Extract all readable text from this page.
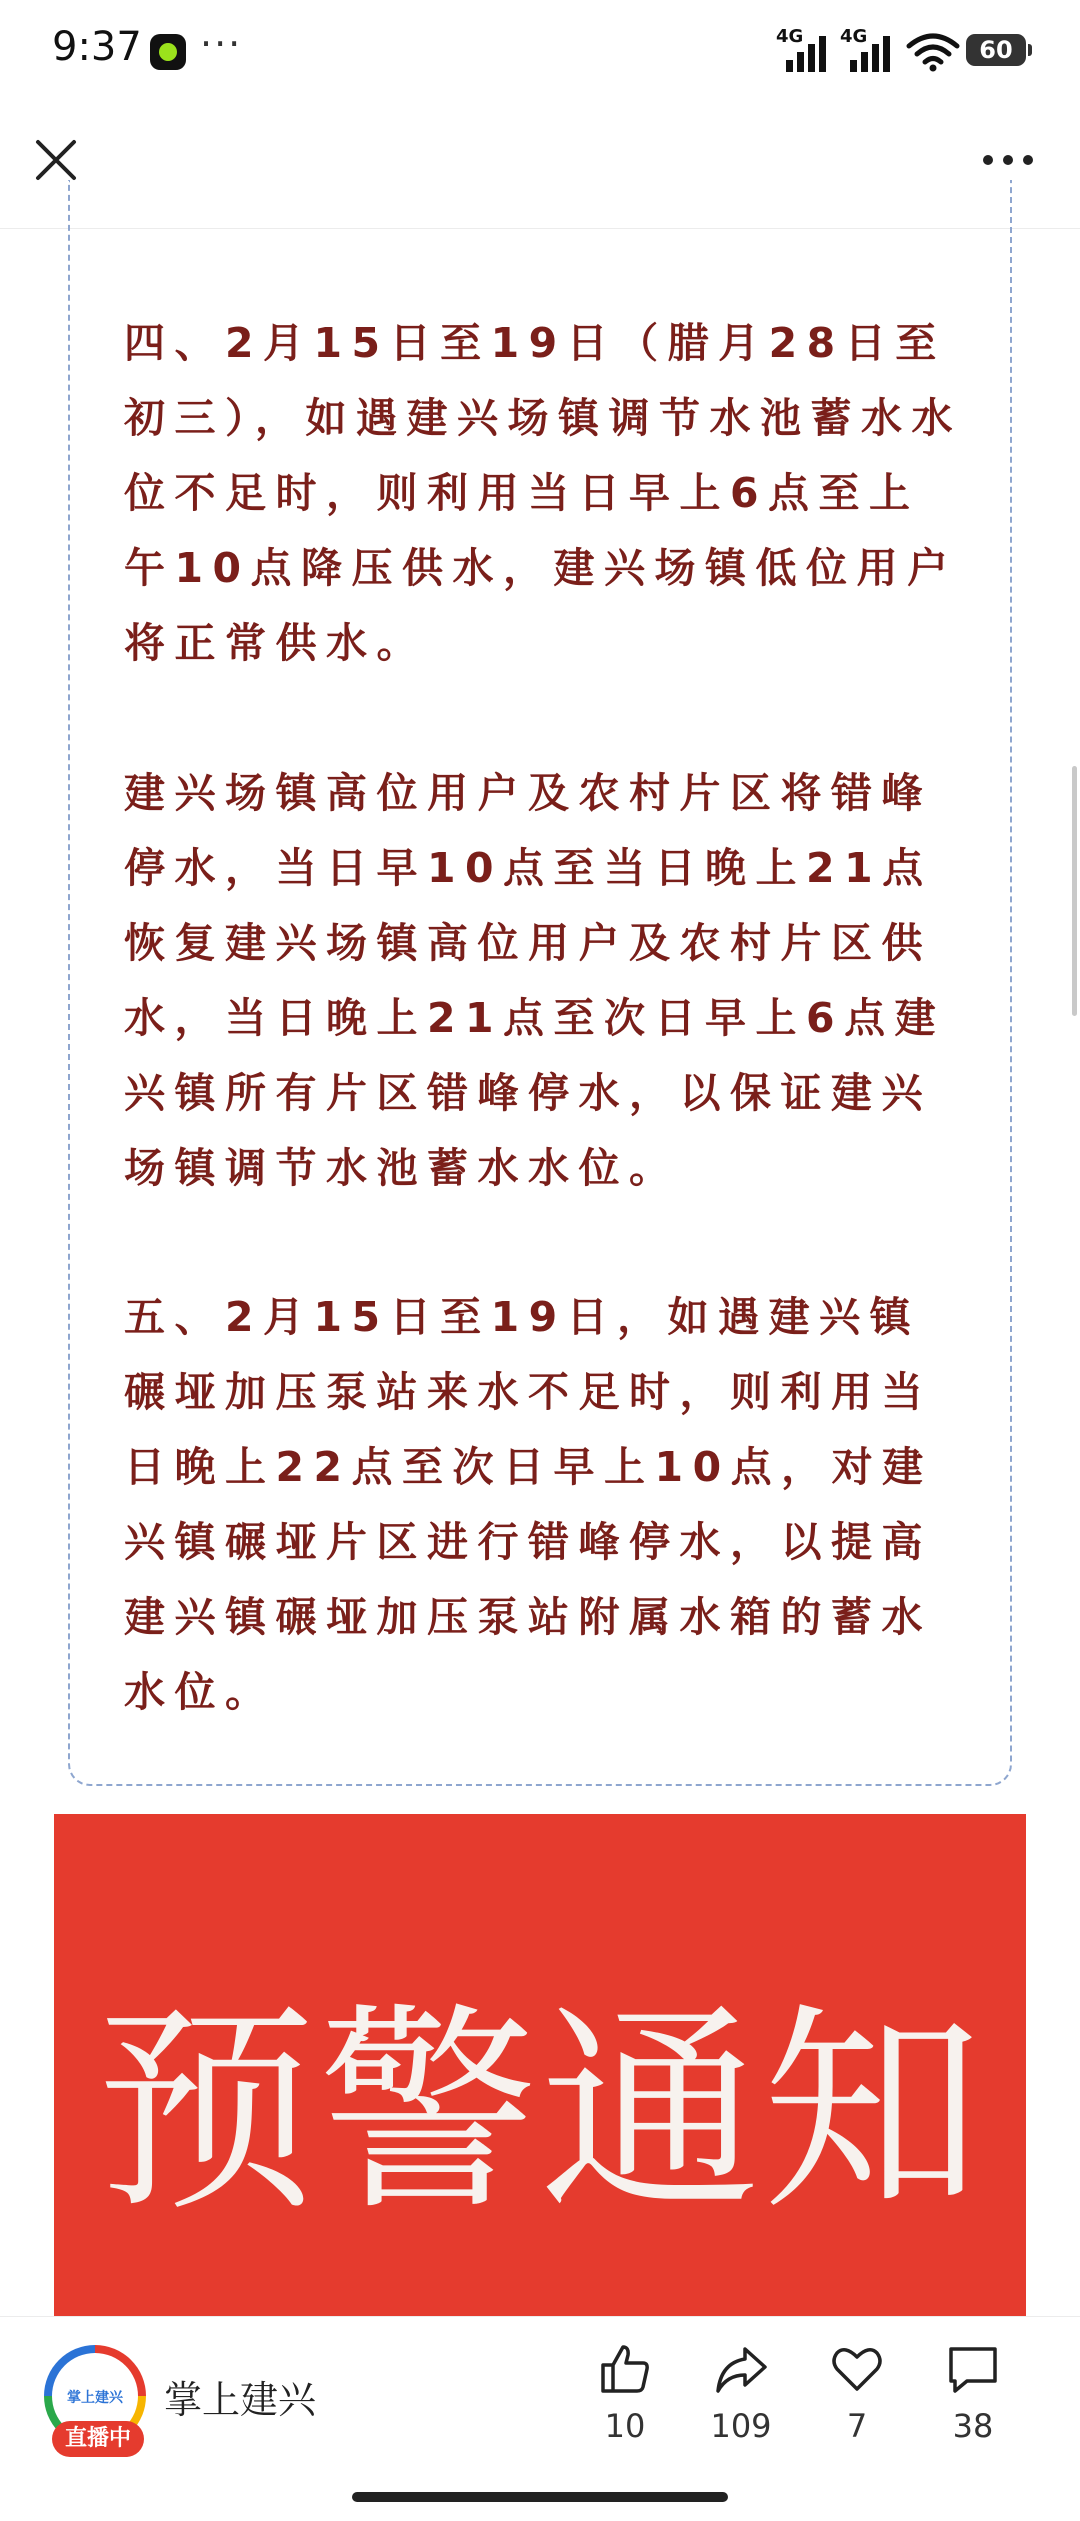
9:37 ···	4G 4G	60

四、2月15日至19日（腊月28日至初三），如遇建兴场镇调节水池蓄水水位不足时，则利用当日早上6点至上午10点降压供水，建兴场镇低位用户将正常供水。

建兴场镇高位用户及农村片区将错峰停水，当日早10点至当日晚上21点恢复建兴场镇高位用户及农村片区供水，当日晚上21点至次日早上6点建兴镇所有片区错峰停水，以保证建兴场镇调节水池蓄水水位。

五、2月15日至19日，如遇建兴镇碾垭加压泵站来水不足时，则利用当日晚上22点至次日早上10点，对建兴镇碾垭片区进行错峰停水，以提高建兴镇碾垭加压泵站附属水箱的蓄水水位。

预警通知
掌上建兴
直播中
掌上建兴
10	109	7	38
